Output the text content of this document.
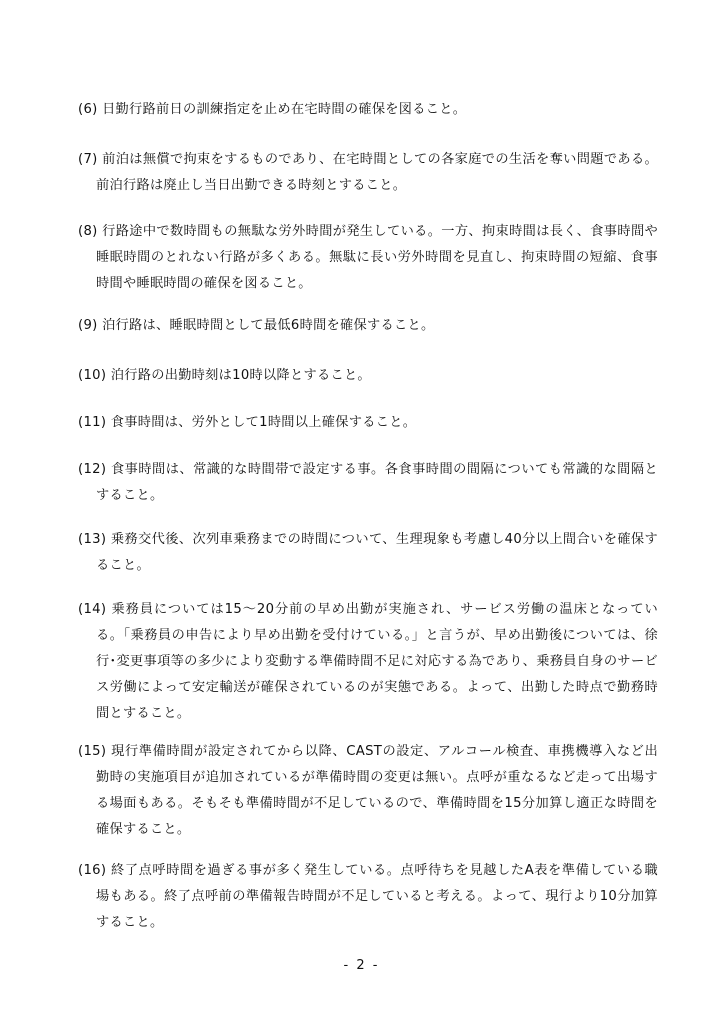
(6) 日勤行路前日の訓練指定を止め在宅時間の確保を図ること。

(7) 前泊は無償で拘束をするものであり、在宅時間としての各家庭での生活を奪い問題である。前泊行路は廃止し当日出勤できる時刻とすること。

(8) 行路途中で数時間もの無駄な労外時間が発生している。一方、拘束時間は長く、食事時間や睡眠時間のとれない行路が多くある。無駄に長い労外時間を見直し、拘束時間の短縮、食事時間や睡眠時間の確保を図ること。

(9) 泊行路は、睡眠時間として最低6時間を確保すること。

(10) 泊行路の出勤時刻は10時以降とすること。

(11) 食事時間は、労外として1時間以上確保すること。

(12) 食事時間は、常識的な時間帯で設定する事。各食事時間の間隔についても常識的な間隔とすること。

(13) 乗務交代後、次列車乗務までの時間について、生理現象も考慮し40分以上間合いを確保すること。

(14) 乗務員については15～20分前の早め出勤が実施され、サービス労働の温床となっている。「乗務員の申告により早め出勤を受付けている。」と言うが、早め出勤後については、徐行･変更事項等の多少により変動する準備時間不足に対応する為であり、乗務員自身のサービス労働によって安定輸送が確保されているのが実態である。よって、出勤した時点で勤務時間とすること。

(15) 現行準備時間が設定されてから以降、CASTの設定、アルコール検査、車携機導入など出勤時の実施項目が追加されているが準備時間の変更は無い。点呼が重なるなど走って出場する場面もある。そもそも準備時間が不足しているので、準備時間を15分加算し適正な時間を確保すること。

(16) 終了点呼時間を過ぎる事が多く発生している。点呼待ちを見越したA表を準備している職場もある。終了点呼前の準備報告時間が不足していると考える。よって、現行より10分加算すること。

- 2 -
